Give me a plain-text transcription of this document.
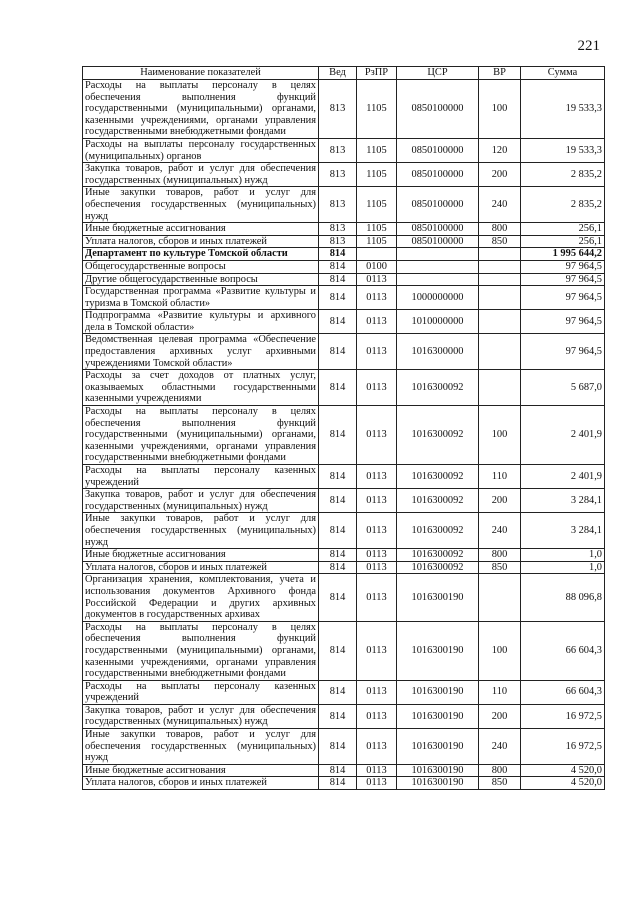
221
Наименование показателей	Вед	РзПР	ЦСР	ВР	Сумма
Расходы на выплаты персоналу в целях обеспечения выполнения функций государственными (муниципальными) органами, казенными учреждениями, органами управления государственными внебюджетными фондами	813	1105	0850100000	100	19 533,3
Расходы на выплаты персоналу государственных (муниципальных) органов	813	1105	0850100000	120	19 533,3
Закупка товаров, работ и услуг для обеспечения государственных (муниципальных) нужд	813	1105	0850100000	200	2 835,2
Иные закупки товаров, работ и услуг для обеспечения государственных (муниципальных) нужд	813	1105	0850100000	240	2 835,2
Иные бюджетные ассигнования	813	1105	0850100000	800	256,1
Уплата налогов, сборов и иных платежей	813	1105	0850100000	850	256,1
Департамент по культуре Томской области	814				1 995 644,2
Общегосударственные вопросы	814	0100			97 964,5
Другие общегосударственные вопросы	814	0113			97 964,5
Государственная программа «Развитие культуры и туризма в Томской области»	814	0113	1000000000		97 964,5
Подпрограмма «Развитие культуры и архивного дела в Томской области»	814	0113	1010000000		97 964,5
Ведомственная целевая программа «Обеспечение предоставления архивных услуг архивными учреждениями Томской области»	814	0113	1016300000		97 964,5
Расходы за счет доходов от платных услуг, оказываемых областными государственными казенными учреждениями	814	0113	1016300092		5 687,0
Расходы на выплаты персоналу в целях обеспечения выполнения функций государственными (муниципальными) органами, казенными учреждениями, органами управления государственными внебюджетными фондами	814	0113	1016300092	100	2 401,9
Расходы на выплаты персоналу казенных учреждений	814	0113	1016300092	110	2 401,9
Закупка товаров, работ и услуг для обеспечения государственных (муниципальных) нужд	814	0113	1016300092	200	3 284,1
Иные закупки товаров, работ и услуг для обеспечения государственных (муниципальных) нужд	814	0113	1016300092	240	3 284,1
Иные бюджетные ассигнования	814	0113	1016300092	800	1,0
Уплата налогов, сборов и иных платежей	814	0113	1016300092	850	1,0
Организация хранения, комплектования, учета и использования документов Архивного фонда Российской Федерации и других архивных документов в государственных архивах	814	0113	1016300190		88 096,8
Расходы на выплаты персоналу в целях обеспечения выполнения функций государственными (муниципальными) органами, казенными учреждениями, органами управления государственными внебюджетными фондами	814	0113	1016300190	100	66 604,3
Расходы на выплаты персоналу казенных учреждений	814	0113	1016300190	110	66 604,3
Закупка товаров, работ и услуг для обеспечения государственных (муниципальных) нужд	814	0113	1016300190	200	16 972,5
Иные закупки товаров, работ и услуг для обеспечения государственных (муниципальных) нужд	814	0113	1016300190	240	16 972,5
Иные бюджетные ассигнования	814	0113	1016300190	800	4 520,0
Уплата налогов, сборов и иных платежей	814	0113	1016300190	850	4 520,0
